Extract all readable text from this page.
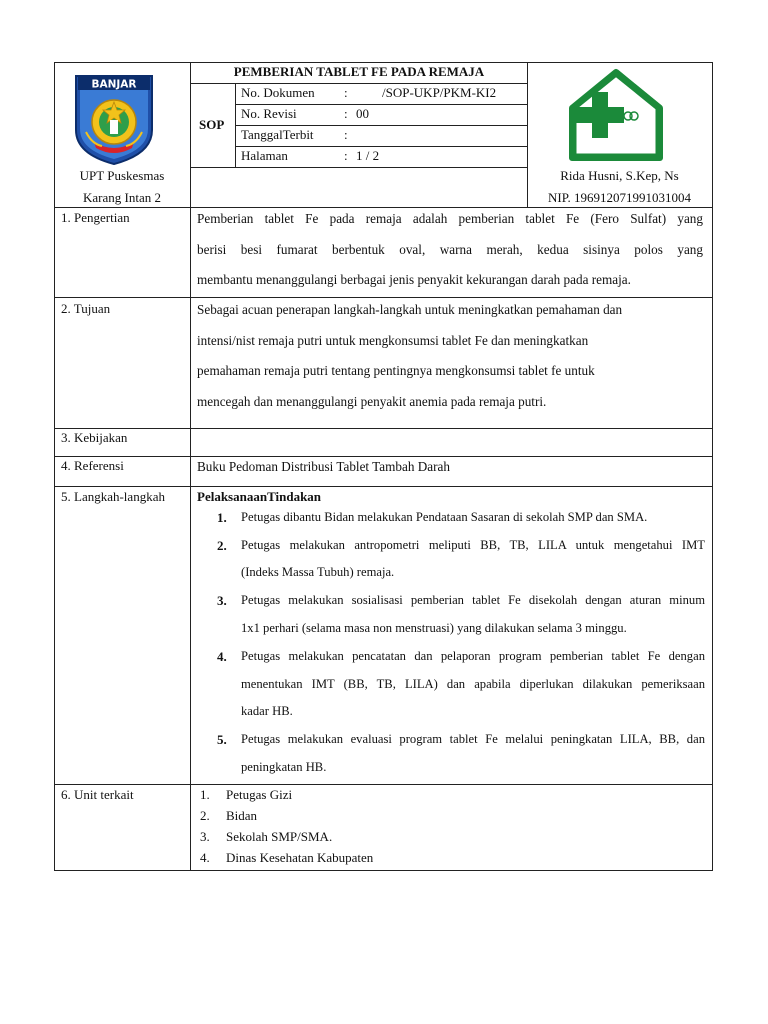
BANJAR
PEMBERIAN TABLET FE PADA REMAJA
SOP
No. Dokumen :	/SOP-UKP/PKM-KI2
No. Revisi	: 00
TanggalTerbit :
Halaman	: 1 / 2
UPT Puskesmas
Karang Intan 2
Rida Husni, S.Kep, Ns
NIP. 196912071991031004
1. Pengertian	Pemberian tablet Fe pada remaja adalah pemberian tablet Fe (Fero Sulfat) yang
berisi besi fumarat berbentuk oval, warna merah, kedua sisinya polos yang
membantu menanggulangi berbagai jenis penyakit kekurangan darah pada remaja.
2. Tujuan	Sebagai acuan penerapan langkah-langkah untuk meningkatkan pemahaman dan
intensi/nist remaja putri untuk mengkonsumsi tablet Fe dan meningkatkan
pemahaman remaja putri tentang pentingnya mengkonsumsi tablet fe untuk
mencegah dan menanggulangi penyakit anemia pada remaja putri.
3. Kebijakan
4. Referensi	Buku Pedoman Distribusi Tablet Tambah Darah
5. Langkah-langkah PelaksanaanTindakan
1. Petugas dibantu Bidan melakukan Pendataan Sasaran di sekolah SMP dan SMA.
2. Petugas melakukan antropometri meliputi BB, TB, LILA untuk mengetahui IMT
(Indeks Massa Tubuh) remaja.
3. Petugas melakukan sosialisasi pemberian tablet Fe disekolah dengan aturan minum
1x1 perhari (selama masa non menstruasi) yang dilakukan selama 3 minggu.
4. Petugas melakukan pencatatan dan pelaporan program pemberian tablet Fe dengan
menentukan IMT (BB, TB, LILA) dan apabila diperlukan dilakukan pemeriksaan
kadar HB.
5. Petugas melakukan evaluasi program tablet Fe melalui peningkatan LILA, BB, dan
peningkatan HB.
6. Unit terkait	1. Petugas Gizi
2. Bidan
3. Sekolah SMP/SMA.
4. Dinas Kesehatan Kabupaten
